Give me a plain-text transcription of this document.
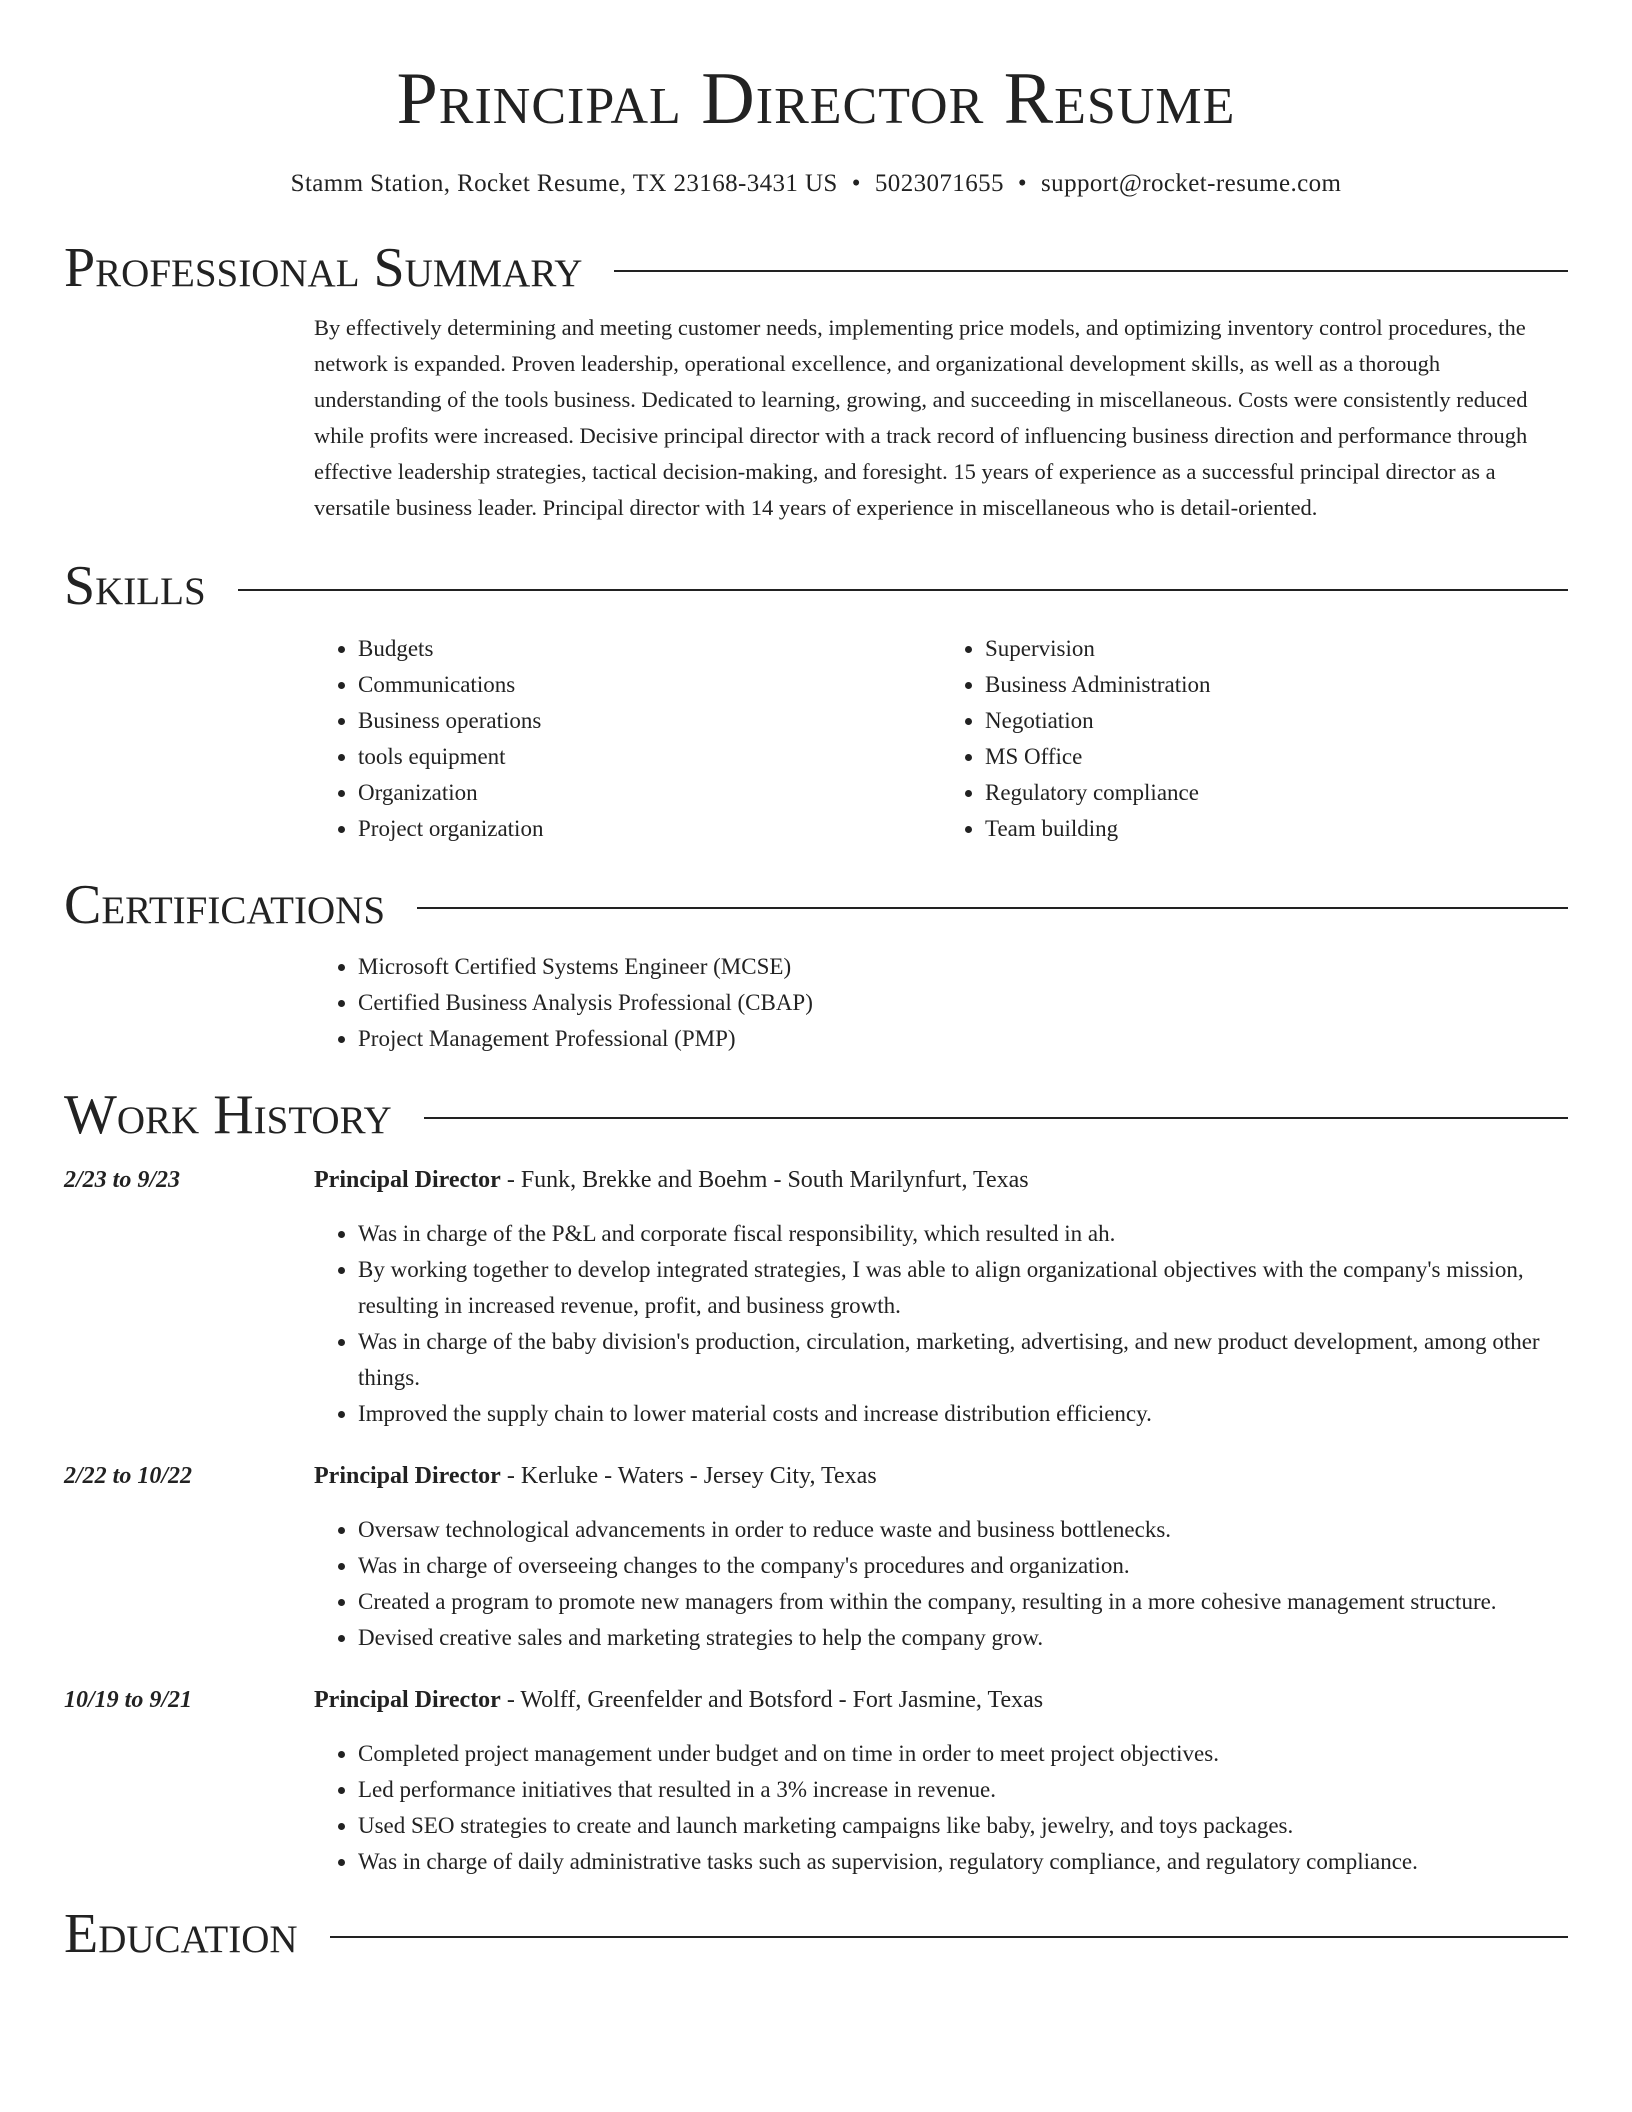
Principal Director Resume
Stamm Station, Rocket Resume, TX 23168-3431 US • 5023071655 • support@rocket-resume.com
Professional Summary
By effectively determining and meeting customer needs, implementing price models, and optimizing inventory control procedures, the network is expanded. Proven leadership, operational excellence, and organizational development skills, as well as a thorough understanding of the tools business. Dedicated to learning, growing, and succeeding in miscellaneous. Costs were consistently reduced while profits were increased. Decisive principal director with a track record of influencing business direction and performance through effective leadership strategies, tactical decision-making, and foresight. 15 years of experience as a successful principal director as a versatile business leader. Principal director with 14 years of experience in miscellaneous who is detail-oriented.
Skills
• Budgets
• Communications
• Business operations
• tools equipment
• Organization
• Project organization
• Supervision
• Business Administration
• Negotiation
• MS Office
• Regulatory compliance
• Team building
Certifications
• Microsoft Certified Systems Engineer (MCSE)
• Certified Business Analysis Professional (CBAP)
• Project Management Professional (PMP)
Work History
2/23 to 9/23	Principal Director - Funk, Brekke and Boehm - South Marilynfurt, Texas
• Was in charge of the P&L and corporate fiscal responsibility, which resulted in ah.
• By working together to develop integrated strategies, I was able to align organizational objectives with the company's mission, resulting in increased revenue, profit, and business growth.
• Was in charge of the baby division's production, circulation, marketing, advertising, and new product development, among other things.
• Improved the supply chain to lower material costs and increase distribution efficiency.
2/22 to 10/22	Principal Director - Kerluke - Waters - Jersey City, Texas
• Oversaw technological advancements in order to reduce waste and business bottlenecks.
• Was in charge of overseeing changes to the company's procedures and organization.
• Created a program to promote new managers from within the company, resulting in a more cohesive management structure.
• Devised creative sales and marketing strategies to help the company grow.
10/19 to 9/21	Principal Director - Wolff, Greenfelder and Botsford - Fort Jasmine, Texas
• Completed project management under budget and on time in order to meet project objectives.
• Led performance initiatives that resulted in a 3% increase in revenue.
• Used SEO strategies to create and launch marketing campaigns like baby, jewelry, and toys packages.
• Was in charge of daily administrative tasks such as supervision, regulatory compliance, and regulatory compliance.
Education
